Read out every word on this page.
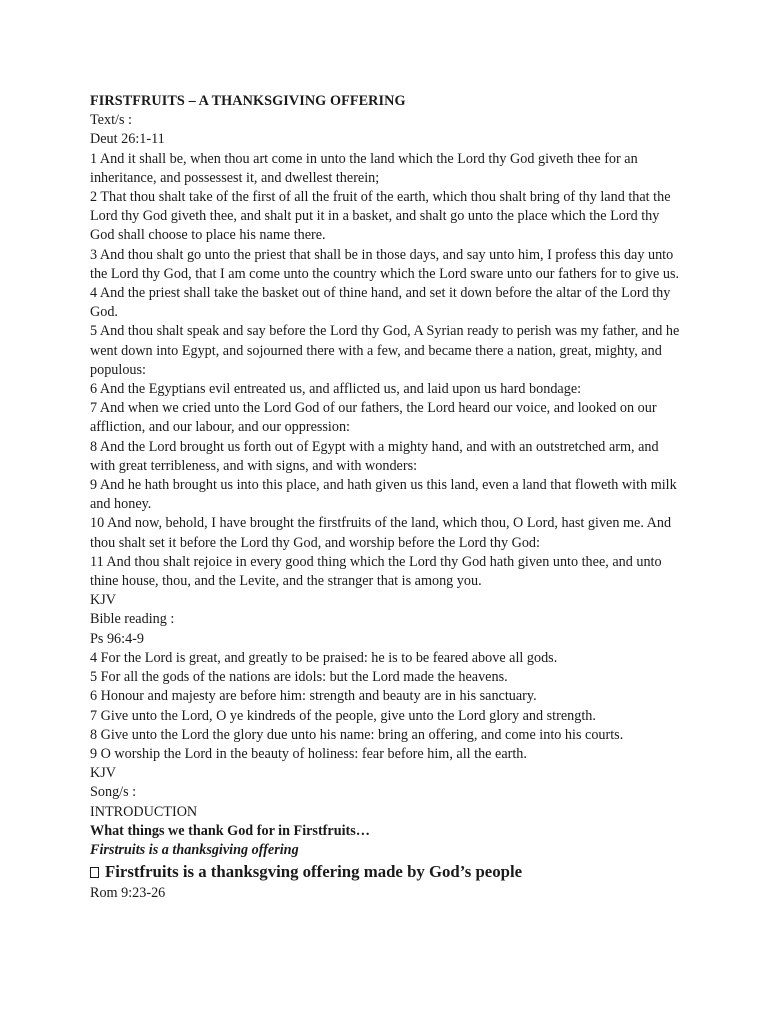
FIRSTFRUITS – A THANKSGIVING OFFERING
Text/s :
Deut 26:1-11
1 And it shall be, when thou art come in unto the land which the Lord thy God giveth thee for an inheritance, and possessest it, and dwellest therein;
2 That thou shalt take of the first of all the fruit of the earth, which thou shalt bring of thy land that the Lord thy God giveth thee, and shalt put it in a basket, and shalt go unto the place which the Lord thy God shall choose to place his name there.
3 And thou shalt go unto the priest that shall be in those days, and say unto him, I profess this day unto the Lord thy God, that I am come unto the country which the Lord sware unto our fathers for to give us.
4 And the priest shall take the basket out of thine hand, and set it down before the altar of the Lord thy God.
5 And thou shalt speak and say before the Lord thy God, A Syrian ready to perish was my father, and he went down into Egypt, and sojourned there with a few, and became there a nation, great, mighty, and populous:
6 And the Egyptians evil entreated us, and afflicted us, and laid upon us hard bondage:
7 And when we cried unto the Lord God of our fathers, the Lord heard our voice, and looked on our affliction, and our labour, and our oppression:
8 And the Lord brought us forth out of Egypt with a mighty hand, and with an outstretched arm, and with great terribleness, and with signs, and with wonders:
9 And he hath brought us into this place, and hath given us this land, even a land that floweth with milk and honey.
10 And now, behold, I have brought the firstfruits of the land, which thou, O Lord, hast given me. And thou shalt set it before the Lord thy God, and worship before the Lord thy God:
11 And thou shalt rejoice in every good thing which the Lord thy God hath given unto thee, and unto thine house, thou, and the Levite, and the stranger that is among you.
KJV
Bible reading :
Ps 96:4-9
4 For the Lord is great, and greatly to be praised: he is to be feared above all gods.
5 For all the gods of the nations are idols: but the Lord made the heavens.
6 Honour and majesty are before him: strength and beauty are in his sanctuary.
7 Give unto the Lord, O ye kindreds of the people, give unto the Lord glory and strength.
8 Give unto the Lord the glory due unto his name: bring an offering, and come into his courts.
9 O worship the Lord in the beauty of holiness: fear before him, all the earth.
KJV
Song/s :
INTRODUCTION
What things we thank God for in Firstfruits…
Firstruits is a thanksgiving offering
Firstfruits is a thanksgving offering made by God’s people
Rom 9:23-26
